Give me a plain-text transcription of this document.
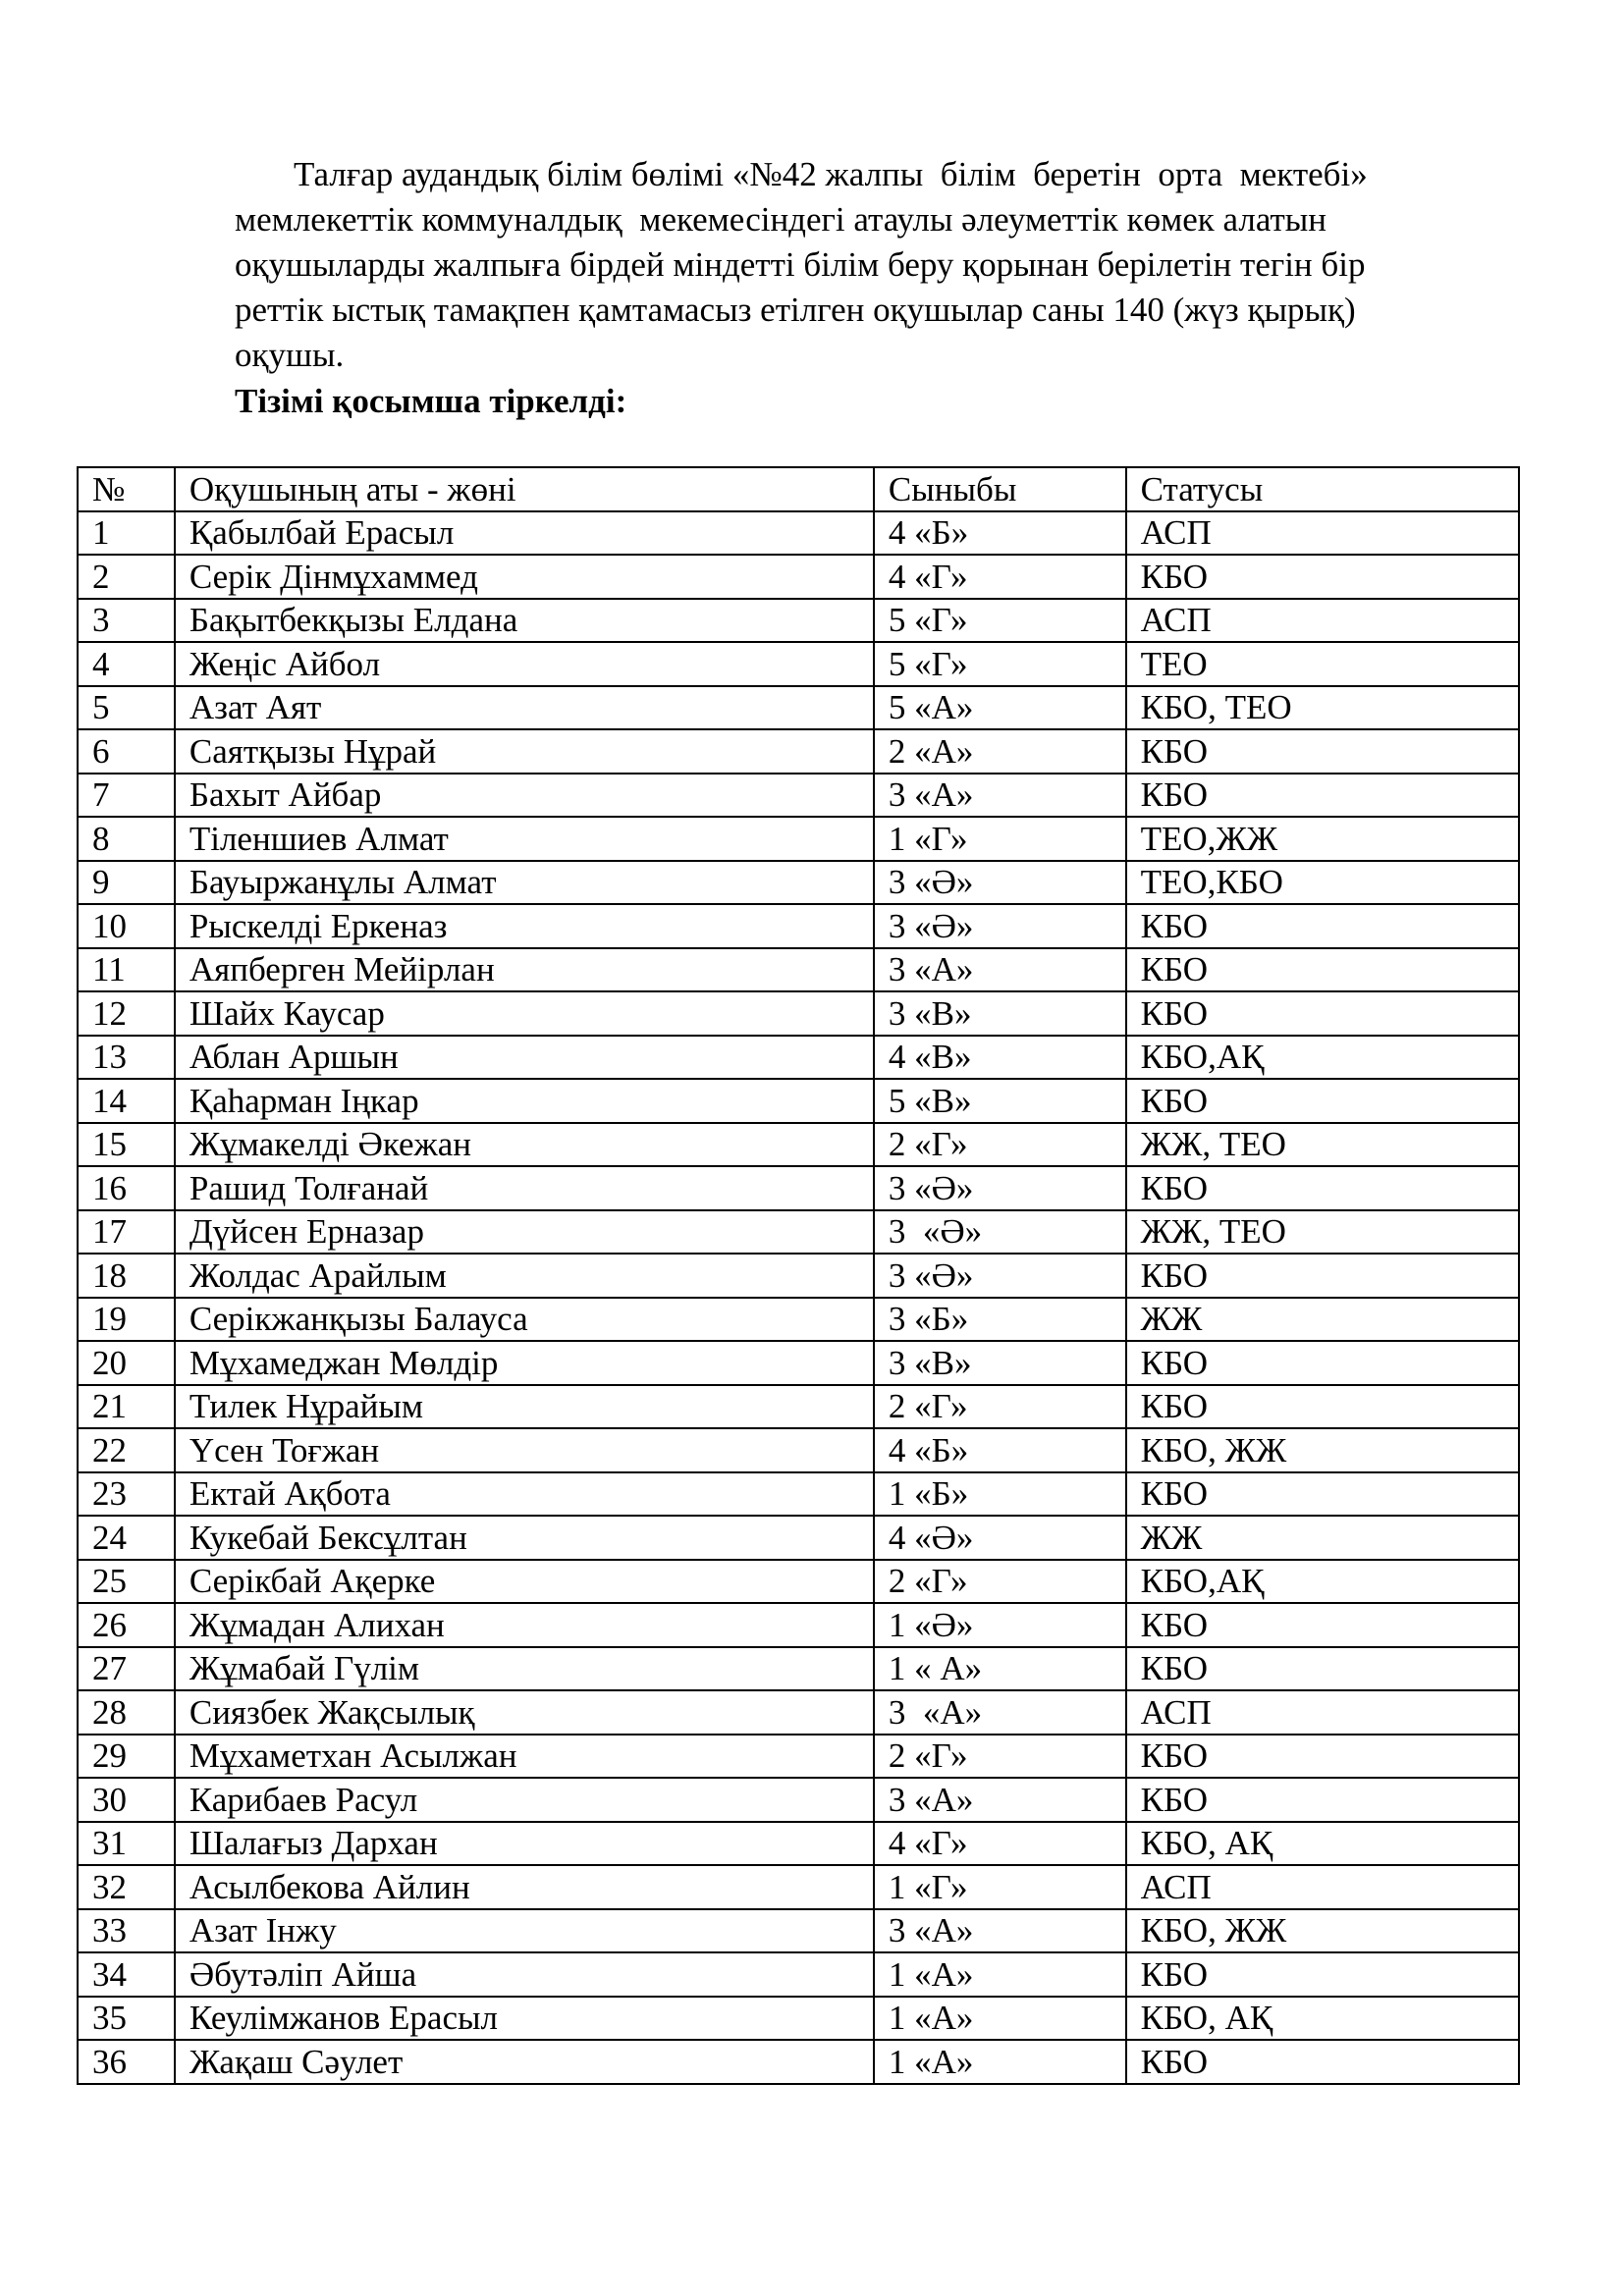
Талғар аудандық білім бөлімі «№42 жалпы  білім  беретін  орта  мектебі»
мемлекеттік коммуналдық  мекемесіндегі атаулы әлеуметтік көмек алатын
оқушыларды жалпыға бірдей міндетті білім беру қорынан берілетін тегін бір
реттік ыстық тамақпен қамтамасыз етілген оқушылар саны 140 (жүз қырық)
оқушы.
Тізімі қосымша тіркелді:
№	Оқушының аты - жөні	Сыныбы	Статусы
1	Қабылбай Ерасыл	4 «Б»	АСП
2	Серік Дінмұхаммед	4 «Г»	КБО
3	Бақытбекқызы Елдана	5 «Г»	АСП
4	Жеңіс Айбол	5 «Г»	ТЕО
5	Азат Аят	5 «А»	КБО, ТЕО
6	Саятқызы Нұрай	2 «А»	КБО
7	Бахыт Айбар	3 «А»	КБО
8	Тіленшиев Алмат	1 «Г»	ТЕО,ЖЖ
9	Бауыржанұлы Алмат	3 «Ә»	ТЕО,КБО
10	Рыскелді Еркеназ	3 «Ә»	КБО
11	Аяпберген Мейірлан	3 «А»	КБО
12	Шайх Каусар	3 «В»	КБО
13	Аблан Аршын	4 «В»	КБО,АҚ
14	Қаһарман Іңкар	5 «В»	КБО
15	Жұмакелді Әкежан	2 «Г»	ЖЖ, ТЕО
16	Рашид Толғанай	3 «Ә»	КБО
17	Дүйсен Ерназар	3  «Ә»	ЖЖ, ТЕО
18	Жолдас Арайлым	3 «Ә»	КБО
19	Серікжанқызы Балауса	3 «Б»	ЖЖ
20	Мұхамеджан Мөлдір	3 «В»	КБО
21	Тилек Нұрайым	2 «Г»	КБО
22	Үсен Тоғжан	4 «Б»	КБО, ЖЖ
23	Ектай Ақбота	1 «Б»	КБО
24	Кукебай Бексұлтан	4 «Ә»	ЖЖ
25	Серікбай Ақерке	2 «Г»	КБО,АҚ
26	Жұмадан Алихан	1 «Ә»	КБО
27	Жұмабай Гүлім	1 « А»	КБО
28	Сиязбек Жақсылық	3  «А»	АСП
29	Мұхаметхан Асылжан	2 «Г»	КБО
30	Карибаев Расул	3 «А»	КБО
31	Шалағыз Дархан	4 «Г»	КБО, АҚ
32	Асылбекова Айлин	1 «Г»	АСП
33	Азат Інжу	3 «А»	КБО, ЖЖ
34	Әбутәліп Айша	1 «А»	КБО
35	Кеулімжанов Ерасыл	1 «А»	КБО, АҚ
36	Жақаш Сәулет	1 «А»	КБО
